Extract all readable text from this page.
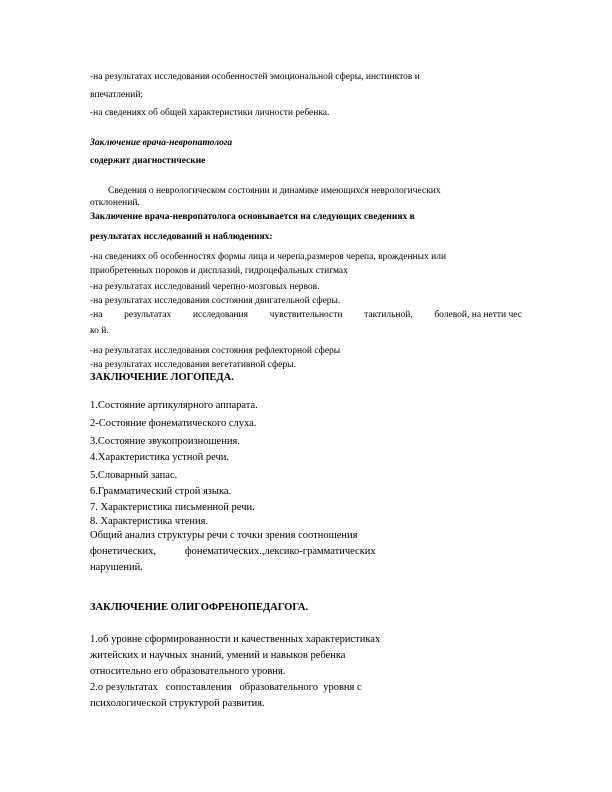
-на результатах исследования особенностей эмоциональной сферы, инстинктов и

впечатлений;

-на сведениях об общей характеристики личности ребенка.

Заключение врача-невропатолога

содержит диагностические

Сведения о неврологическом состоянии и динамике имеющихся неврологических

отклонений.

Заключение врача-невропатолога основывается на следующих сведениях в

результатах исследований и наблюдениях:

-на сведениях об особенностях формы лица и черепа,размеров черепа, врожденных или

приобретенных пороков и дисплазий, гидроцефальных стигмах

-на результатах исследований черепно-мозговых нервов.

-на результатах исследования состояния двигательной сферы.

-на результатах исследования чувствительности тактильной, болевой, на нетти чес

ко й.

-на результатах исследования состояния рефлекторной сферы

-на результатах исследования вегетативной сферы.

ЗАКЛЮЧЕНИЕ ЛОГОПЕДА.

1.Состояние артикулярного аппарата.

2-Состояние фонематического слуха.

3.Состояние звукопроизношения.

4.Характеристика устной речи.

5.Словарный запас.

6.Грамматический строй языка.

7. Характеристика письменной речи.

8. Характеристика чтения.

Общий анализ структуры речи с точки зрения соотношения

фонетических,           фонематических.,лексико-грамматических

нарушений.

ЗАКЛЮЧЕНИЕ ОЛИГОФРЕНОПЕДАГОГА.

1.об уровне сформированности и качественных характеристиках

житейских и научных знаний, умений и навыков ребенка

относительно его образовательного уровня.

2.о результатах   сопоставления   образовательного  уровня с

психологической структурой развития.
